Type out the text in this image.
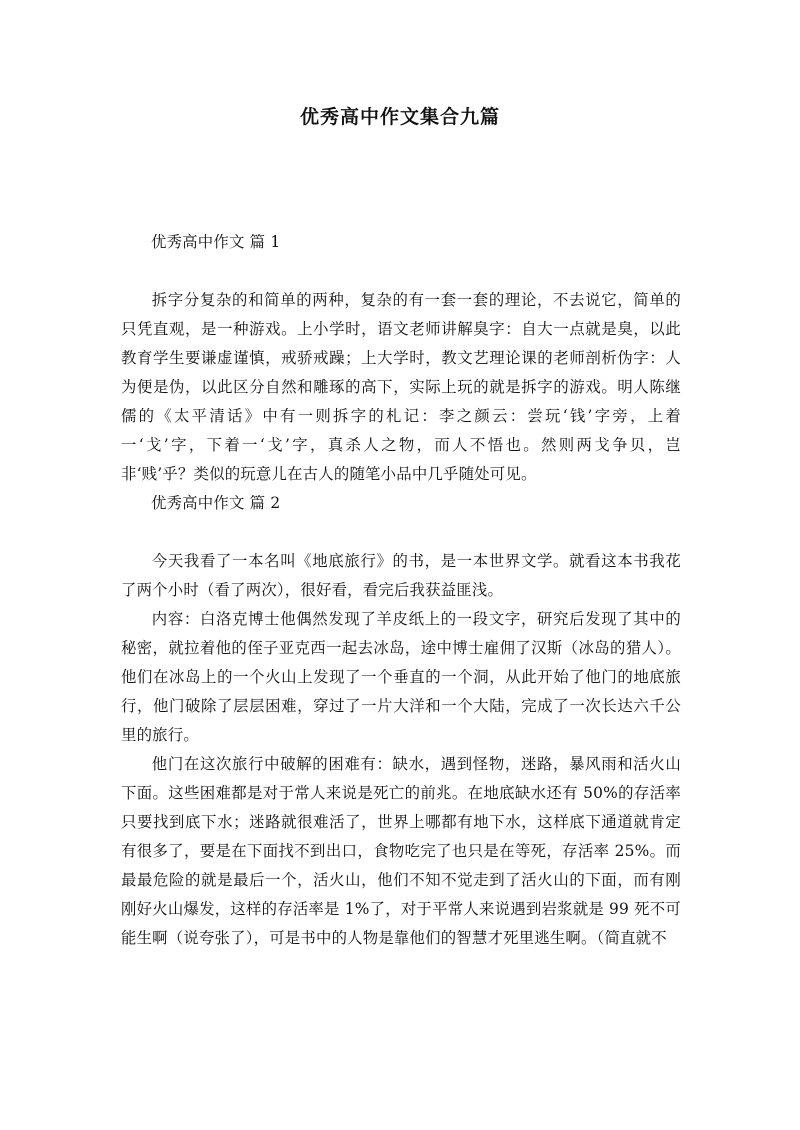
优秀高中作文集合九篇

优秀高中作文 篇 1

拆字分复杂的和简单的两种，复杂的有一套一套的理论，不去说它，简单的只凭直观，是一种游戏。上小学时，语文老师讲解臭字：自大一点就是臭，以此教育学生要谦虚谨慎，戒骄戒躁；上大学时，教文艺理论课的老师剖析伪字：人为便是伪，以此区分自然和雕琢的高下，实际上玩的就是拆字的游戏。明人陈继儒的《太平清话》中有一则拆字的札记：李之颜云：尝玩‘钱’字旁，上着一‘戈’字，下着一‘戈’字，真杀人之物，而人不悟也。然则两戈争贝，岂非‘贱’乎？类似的玩意儿在古人的随笔小品中几乎随处可见。

优秀高中作文 篇 2

今天我看了一本名叫《地底旅行》的书，是一本世界文学。就看这本书我花了两个小时（看了两次），很好看，看完后我获益匪浅。

内容：白洛克博士他偶然发现了羊皮纸上的一段文字，研究后发现了其中的秘密，就拉着他的侄子亚克西一起去冰岛，途中博士雇佣了汉斯（冰岛的猎人）。他们在冰岛上的一个火山上发现了一个垂直的一个洞，从此开始了他门的地底旅行，他门破除了层层困难，穿过了一片大洋和一个大陆，完成了一次长达六千公里的旅行。

他门在这次旅行中破解的困难有：缺水，遇到怪物，迷路，暴风雨和活火山下面。这些困难都是对于常人来说是死亡的前兆。在地底缺水还有 50%的存活率只要找到底下水；迷路就很难活了，世界上哪都有地下水，这样底下通道就肯定有很多了，要是在下面找不到出口，食物吃完了也只是在等死，存活率 25%。而最最危险的就是最后一个，活火山，他们不知不觉走到了活火山的下面，而有刚刚好火山爆发，这样的存活率是 1%了，对于平常人来说遇到岩浆就是 99 死不可能生啊（说夸张了），可是书中的人物是靠他们的智慧才死里逃生啊。（简直就不
